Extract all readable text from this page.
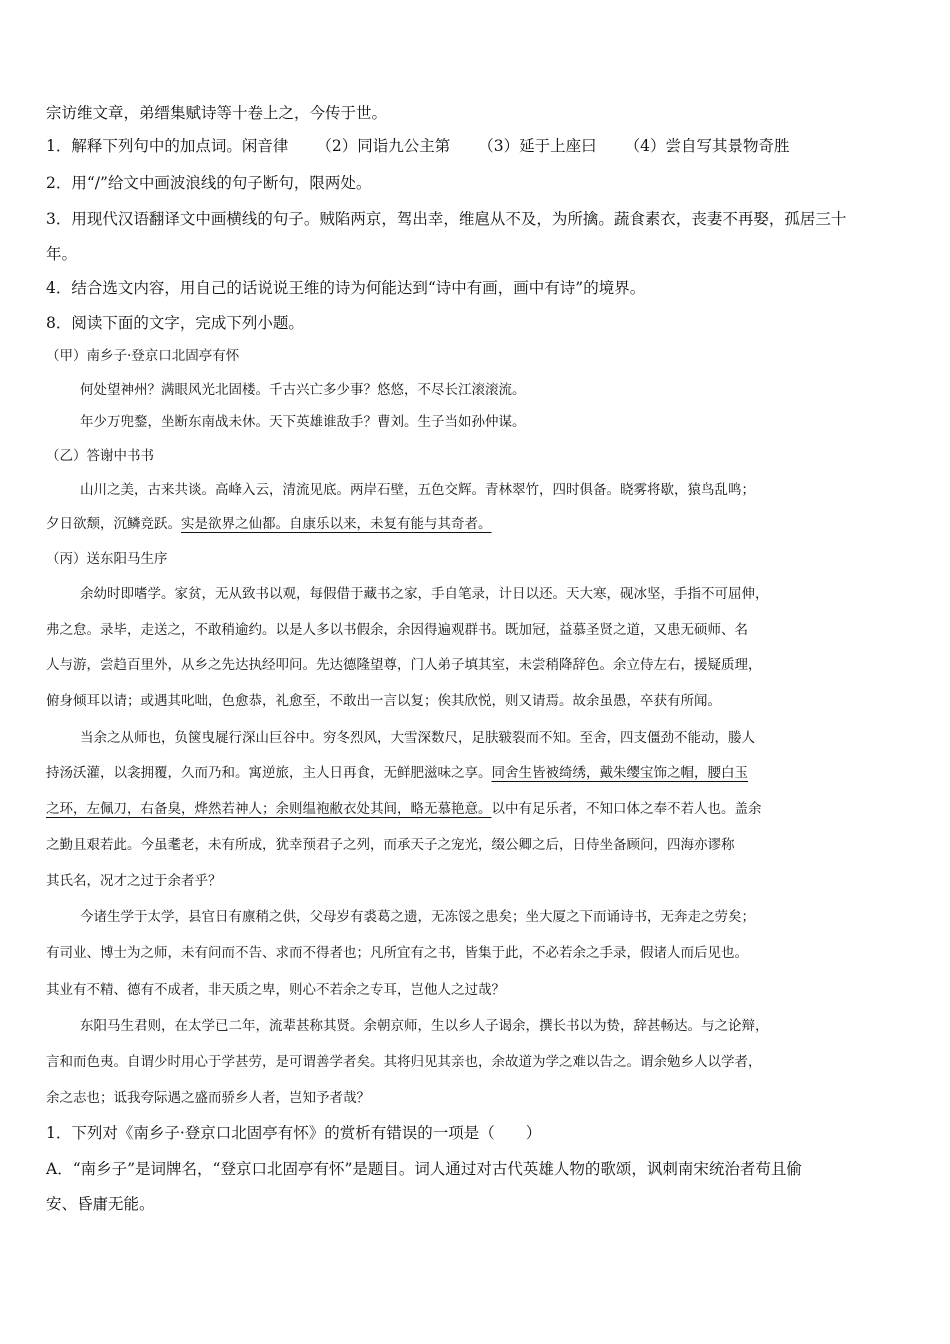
宗访维文章，弟缙集赋诗等十卷上之，今传于世。
1．解释下列句中的加点词。闲音律 （2）同诣九公主第 （3）延于上座曰 （4）尝自写其景物奇胜
2．用“/”给文中画波浪线的句子断句，限两处。
3．用现代汉语翻译文中画横线的句子。贼陷两京，驾出幸，维扈从不及，为所擒。蔬食素衣，丧妻不再娶，孤居三十
年。
4．结合选文内容，用自己的话说说王维的诗为何能达到“诗中有画，画中有诗”的境界。
8．阅读下面的文字，完成下列小题。
（甲）南乡子·登京口北固亭有怀
何处望神州？满眼风光北固楼。千古兴亡多少事？悠悠，不尽长江滚滚流。
年少万兜鍪，坐断东南战未休。天下英雄谁敌手？曹刘。生子当如孙仲谋。
（乙）答谢中书书
山川之美，古来共谈。高峰入云，清流见底。两岸石壁，五色交辉。青林翠竹，四时俱备。晓雾将歇，猿鸟乱鸣；
夕日欲颓，沉鳞竞跃。实是欲界之仙都。自康乐以来，未复有能与其奇者。
（丙）送东阳马生序
余幼时即嗜学。家贫，无从致书以观，每假借于藏书之家，手自笔录，计日以还。天大寒，砚冰坚，手指不可屈伸，
弗之怠。录毕，走送之，不敢稍逾约。以是人多以书假余，余因得遍观群书。既加冠，益慕圣贤之道，又患无硕师、名
人与游，尝趋百里外，从乡之先达执经叩问。先达德隆望尊，门人弟子填其室，未尝稍降辞色。余立侍左右，援疑质理，
俯身倾耳以请；或遇其叱咄，色愈恭，礼愈至，不敢出一言以复；俟其欣悦，则又请焉。故余虽愚，卒获有所闻。
当余之从师也，负箧曳屣行深山巨谷中。穷冬烈风，大雪深数尺，足肤皲裂而不知。至舍，四支僵劲不能动，媵人
持汤沃灌，以衾拥覆，久而乃和。寓逆旅，主人日再食，无鲜肥滋味之享。同舍生皆被绮绣，戴朱缨宝饰之帽，腰白玉
之环，左佩刀，右备臭，烨然若神人；余则缊袍敝衣处其间，略无慕艳意。以中有足乐者，不知口体之奉不若人也。盖余
之勤且艰若此。今虽耄老，未有所成，犹幸预君子之列，而承天子之宠光，缀公卿之后，日侍坐备顾问，四海亦谬称
其氏名，况才之过于余者乎？
今诸生学于太学，县官日有廪稍之供，父母岁有裘葛之遗，无冻馁之患矣；坐大厦之下而诵诗书，无奔走之劳矣；
有司业、博士为之师，未有问而不告、求而不得者也；凡所宜有之书，皆集于此，不必若余之手录，假诸人而后见也。
其业有不精、德有不成者，非天质之卑，则心不若余之专耳，岂他人之过哉？
东阳马生君则，在太学已二年，流辈甚称其贤。余朝京师，生以乡人子谒余，撰长书以为贽，辞甚畅达。与之论辩，
言和而色夷。自谓少时用心于学甚劳，是可谓善学者矣。其将归见其亲也，余故道为学之难以告之。谓余勉乡人以学者，
余之志也；诋我夸际遇之盛而骄乡人者，岂知予者哉？
1．下列对《南乡子·登京口北固亭有怀》的赏析有错误的一项是（　　）
A．“南乡子”是词牌名，“登京口北固亭有怀”是题目。词人通过对古代英雄人物的歌颂，讽刺南宋统治者苟且偷
安、昏庸无能。
